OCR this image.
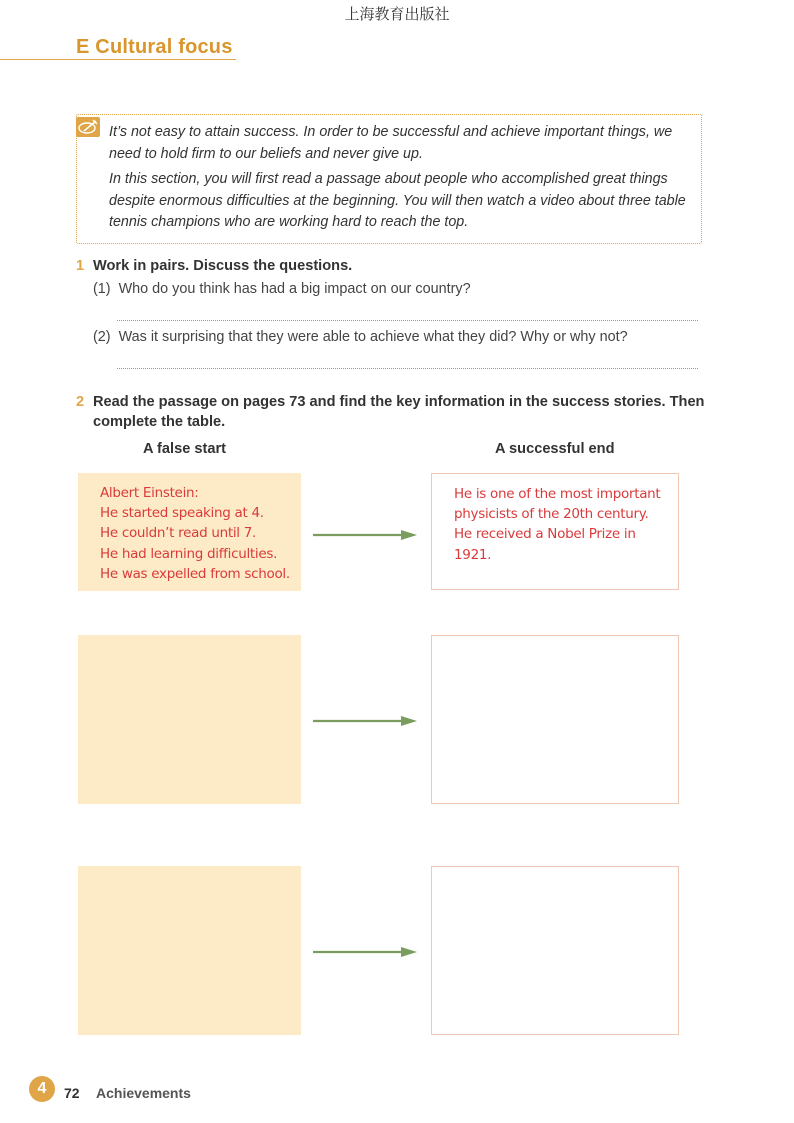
上海教育出版社
E Cultural focus

It’s not easy to attain success. In order to be successful and achieve important things, we need to hold firm to our beliefs and never give up.

In this section, you will first read a passage about people who accomplished great things despite enormous difficulties at the beginning. You will then watch a video about three table tennis champions who are working hard to reach the top.

1 Work in pairs. Discuss the questions.
(1) Who do you think has had a big impact on our country?
(2) Was it surprising that they were able to achieve what they did? Why or why not?
2 Read the passage on pages 73 and find the key information in the success stories. Then
complete the table.
A false start	A successful end
Albert Einstein:
He started speaking at 4.
He couldn’t read until 7.
He had learning difficulties.
He was expelled from school.
He is one of the most important
physicists of the 20th century.
He received a Nobel Prize in
1921.
4	72 Achievements
